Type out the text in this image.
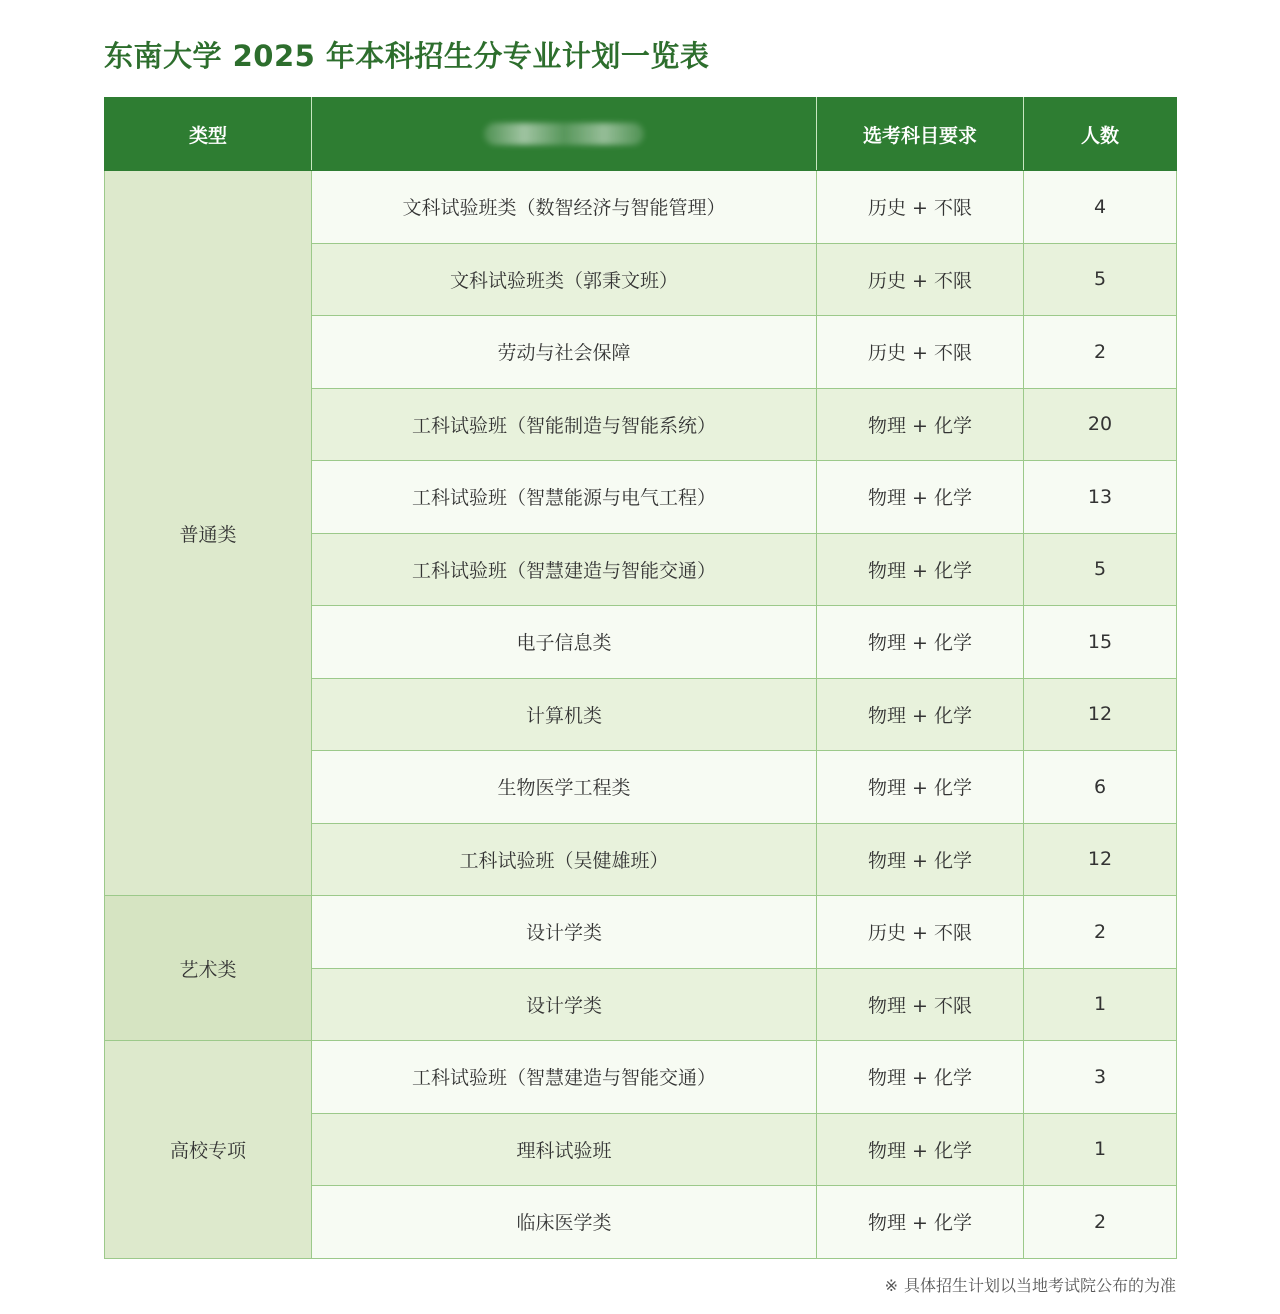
东南大学 2025 年本科招生分专业计划一览表
类型		选考科目要求	人数
普通类	文科试验班类（数智经济与智能管理）	历史 + 不限	4
	文科试验班类（郭秉文班）	历史 + 不限	5
	劳动与社会保障	历史 + 不限	2
	工科试验班（智能制造与智能系统）	物理 + 化学	20
	工科试验班（智慧能源与电气工程）	物理 + 化学	13
	工科试验班（智慧建造与智能交通）	物理 + 化学	5
	电子信息类	物理 + 化学	15
	计算机类	物理 + 化学	12
	生物医学工程类	物理 + 化学	6
	工科试验班（吴健雄班）	物理 + 化学	12
艺术类	设计学类	历史 + 不限	2
	设计学类	物理 + 不限	1
高校专项	工科试验班（智慧建造与智能交通）	物理 + 化学	3
	理科试验班	物理 + 化学	1
	临床医学类	物理 + 化学	2
※ 具体招生计划以当地考试院公布的为准
